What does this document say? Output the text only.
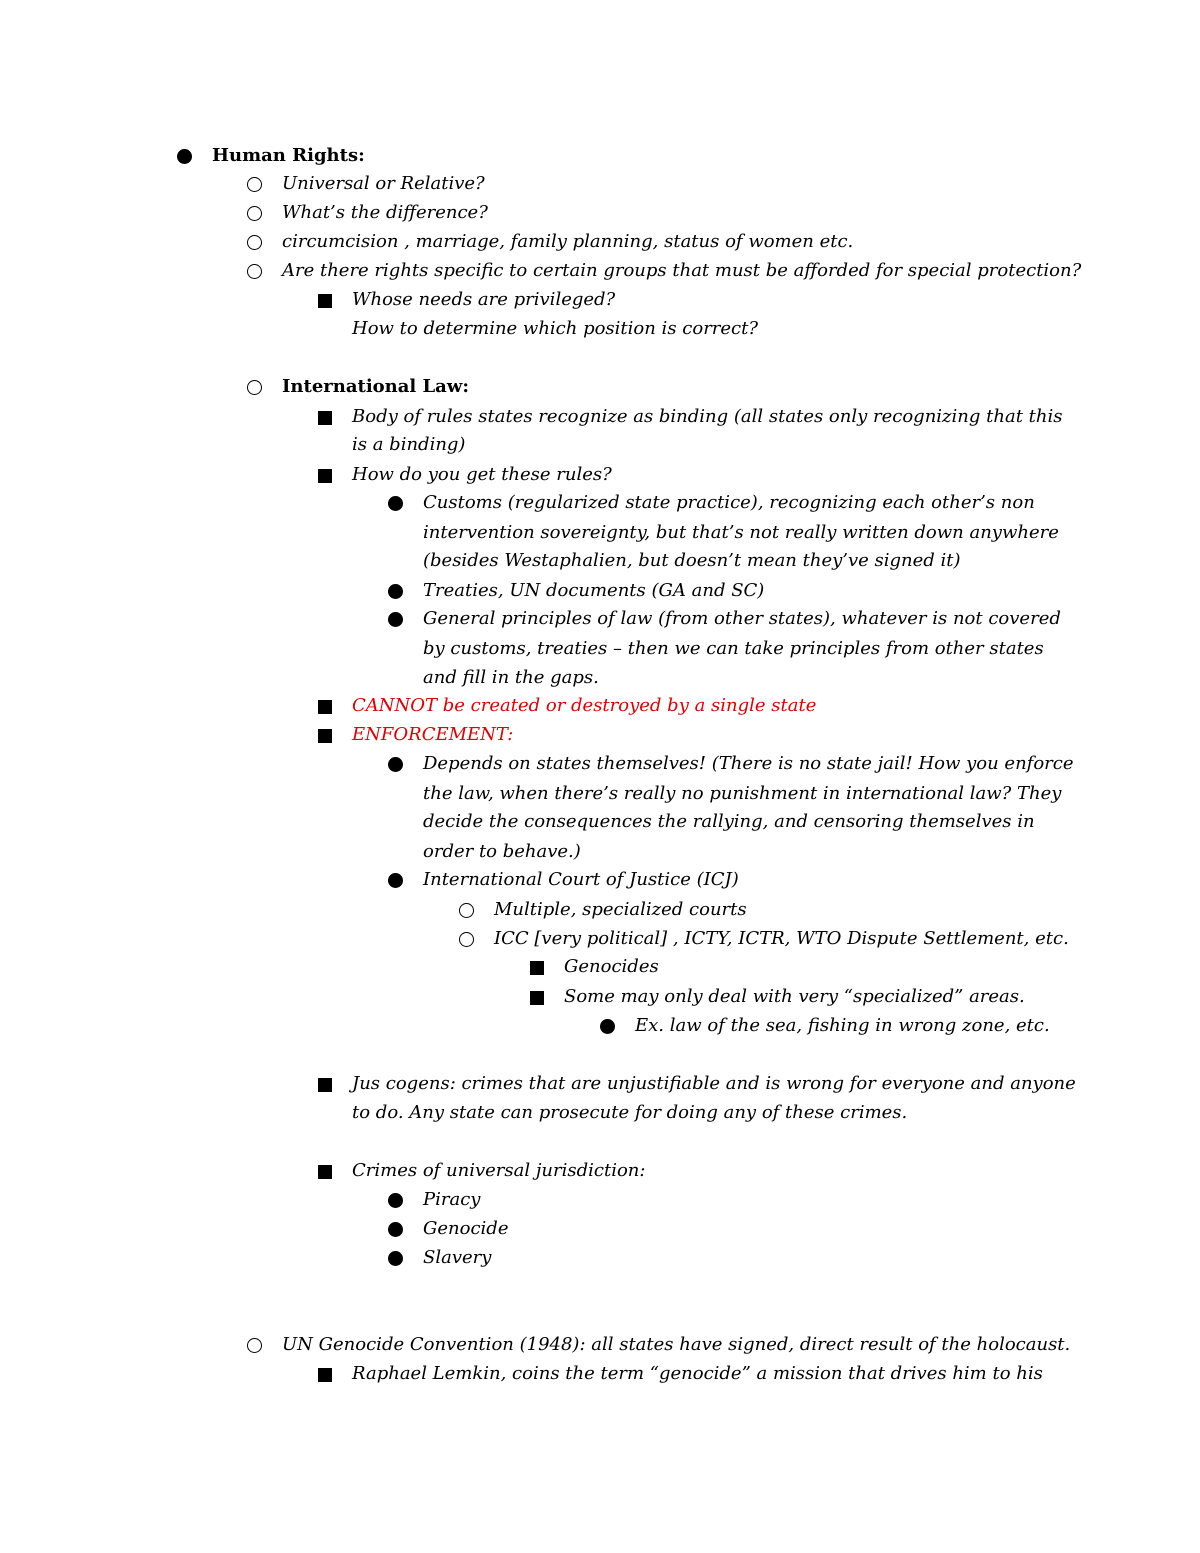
Human Rights:
Universal or Relative?
What’s the difference?
circumcision , marriage, family planning, status of women etc.
Are there rights specific to certain groups that must be afforded for special protection?
Whose needs are privileged?
How to determine which position is correct?
International Law:
Body of rules states recognize as binding (all states only recognizing that this
is a binding)
How do you get these rules?
Customs (regularized state practice), recognizing each other’s non
intervention sovereignty, but that’s not really written down anywhere
(besides Westaphalien, but doesn’t mean they’ve signed it)
Treaties, UN documents (GA and SC)
General principles of law (from other states), whatever is not covered
by customs, treaties – then we can take principles from other states
and fill in the gaps.
CANNOT be created or destroyed by a single state
ENFORCEMENT:
Depends on states themselves! (There is no state jail! How you enforce
the law, when there’s really no punishment in international law? They
decide the consequences the rallying, and censoring themselves in
order to behave.)
International Court of Justice (ICJ)
Multiple, specialized courts
ICC [very political] , ICTY, ICTR, WTO Dispute Settlement, etc.
Genocides
Some may only deal with very “specialized” areas.
Ex. law of the sea, fishing in wrong zone, etc.
Jus cogens: crimes that are unjustifiable and is wrong for everyone and anyone
to do. Any state can prosecute for doing any of these crimes.
Crimes of universal jurisdiction:
Piracy
Genocide
Slavery
UN Genocide Convention (1948): all states have signed, direct result of the holocaust.
Raphael Lemkin, coins the term “genocide” a mission that drives him to his
